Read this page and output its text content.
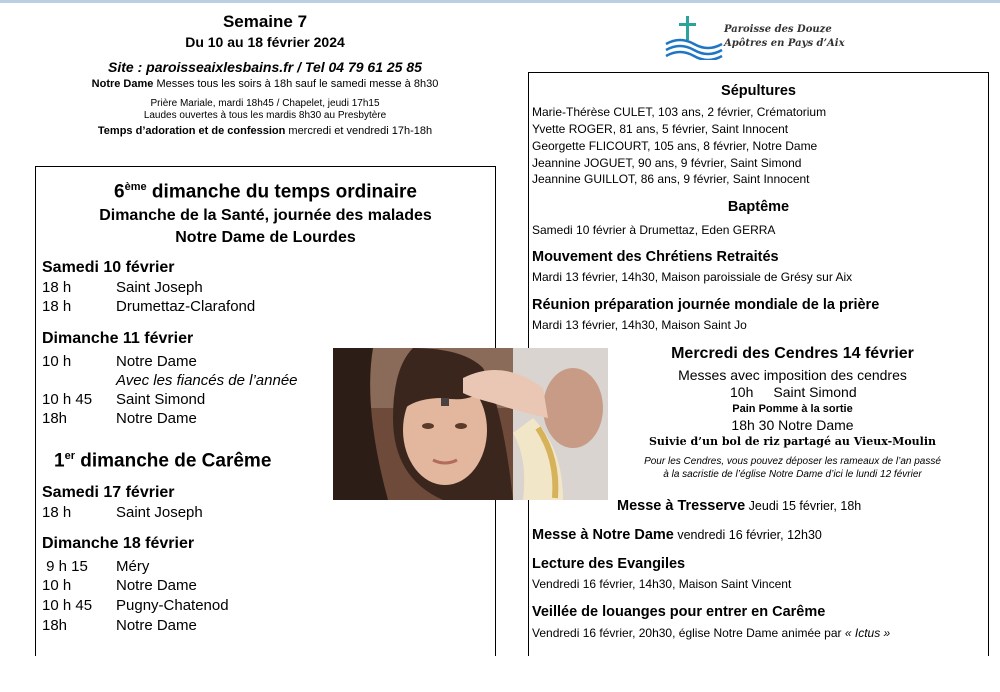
Semaine 7
Du 10 au 18 février 2024
Site : paroisseaixlesbains.fr / Tel 04 79 61 25 85
Notre Dame Messes tous les soirs à 18h sauf le samedi messe à 8h30
Prière Mariale, mardi 18h45 / Chapelet, jeudi 17h15
Laudes ouvertes à tous les mardis 8h30 au Presbytère
Temps d’adoration et de confession mercredi et vendredi 17h-18h
Paroisse des Douze
Apôtres en Pays d’Aix
6ème dimanche du temps ordinaire
Dimanche de la Santé, journée des malades
Notre Dame de Lourdes
Samedi 10 février
18 h	Saint Joseph
18 h	Drumettaz-Clarafond
Dimanche 11 février
10 h	Notre Dame
Avec les fiancés de l’année
10 h 45 Saint Simond
18h	Notre Dame
1er dimanche de Carême
Samedi 17 février
18 h	Saint Joseph
Dimanche 18 février
9 h 15 Méry
10 h	Notre Dame
10 h 45 Pugny-Chatenod
18h	Notre Dame
Sépultures
Marie-Thérèse CULET, 103 ans, 2 février, Crématorium
Yvette ROGER, 81 ans, 5 février, Saint Innocent
Georgette FLICOURT, 105 ans, 8 février, Notre Dame
Jeannine JOGUET, 90 ans, 9 février, Saint Simond
Jeannine GUILLOT, 86 ans, 9 février, Saint Innocent
Baptême
Samedi 10 février à Drumettaz, Eden GERRA
Mouvement des Chrétiens Retraités
Mardi 13 février, 14h30, Maison paroissiale de Grésy sur Aix
Réunion préparation journée mondiale de la prière
Mardi 13 février, 14h30, Maison Saint Jo
Messe à Tresserve Jeudi 15 février, 18h
Messe à Notre Dame vendredi 16 février, 12h30
Lecture des Evangiles
Vendredi 16 février, 14h30, Maison Saint Vincent
Veillée de louanges pour entrer en Carême
Vendredi 16 février, 20h30, église Notre Dame animée par « Ictus »
Mercredi des Cendres 14 février
Messes avec imposition des cendres
10h Saint Simond
Pain Pomme à la sortie
18h 30 Notre Dame
Suivie d’un bol de riz partagé au Vieux-Moulin
Pour les Cendres, vous pouvez déposer les rameaux de l’an passé
à la sacristie de l’église Notre Dame d’ici le lundi 12 février
